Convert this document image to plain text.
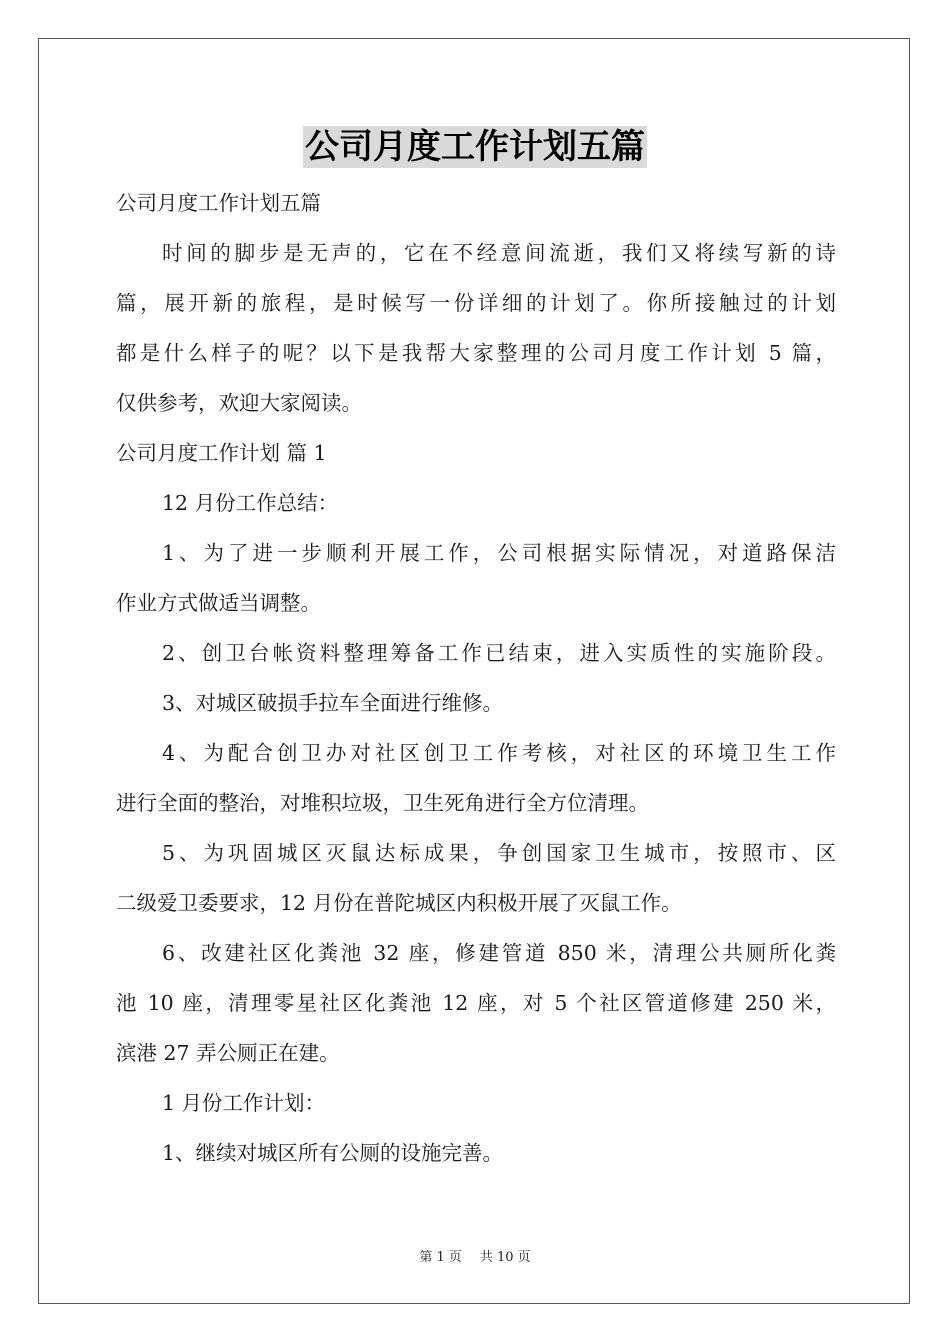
公司月度工作计划五篇
公司月度工作计划五篇
时间的脚步是无声的，它在不经意间流逝，我们又将续写新的诗
篇，展开新的旅程，是时候写一份详细的计划了。你所接触过的计划
都是什么样子的呢？以下是我帮大家整理的公司月度工作计划 5 篇，
仅供参考，欢迎大家阅读。
公司月度工作计划 篇 1
12 月份工作总结：
1、为了进一步顺利开展工作，公司根据实际情况，对道路保洁
作业方式做适当调整。
2、创卫台帐资料整理筹备工作已结束，进入实质性的实施阶段。
3、对城区破损手拉车全面进行维修。
4、为配合创卫办对社区创卫工作考核，对社区的环境卫生工作
进行全面的整治，对堆积垃圾，卫生死角进行全方位清理。
5、为巩固城区灭鼠达标成果，争创国家卫生城市，按照市、区
二级爱卫委要求，12 月份在普陀城区内积极开展了灭鼠工作。
6、改建社区化粪池 32 座，修建管道 850 米，清理公共厕所化粪
池 10 座，清理零星社区化粪池 12 座，对 5 个社区管道修建 250 米，
滨港 27 弄公厕正在建。
1 月份工作计划：
1、继续对城区所有公厕的设施完善。
第 1 页 共 10 页
